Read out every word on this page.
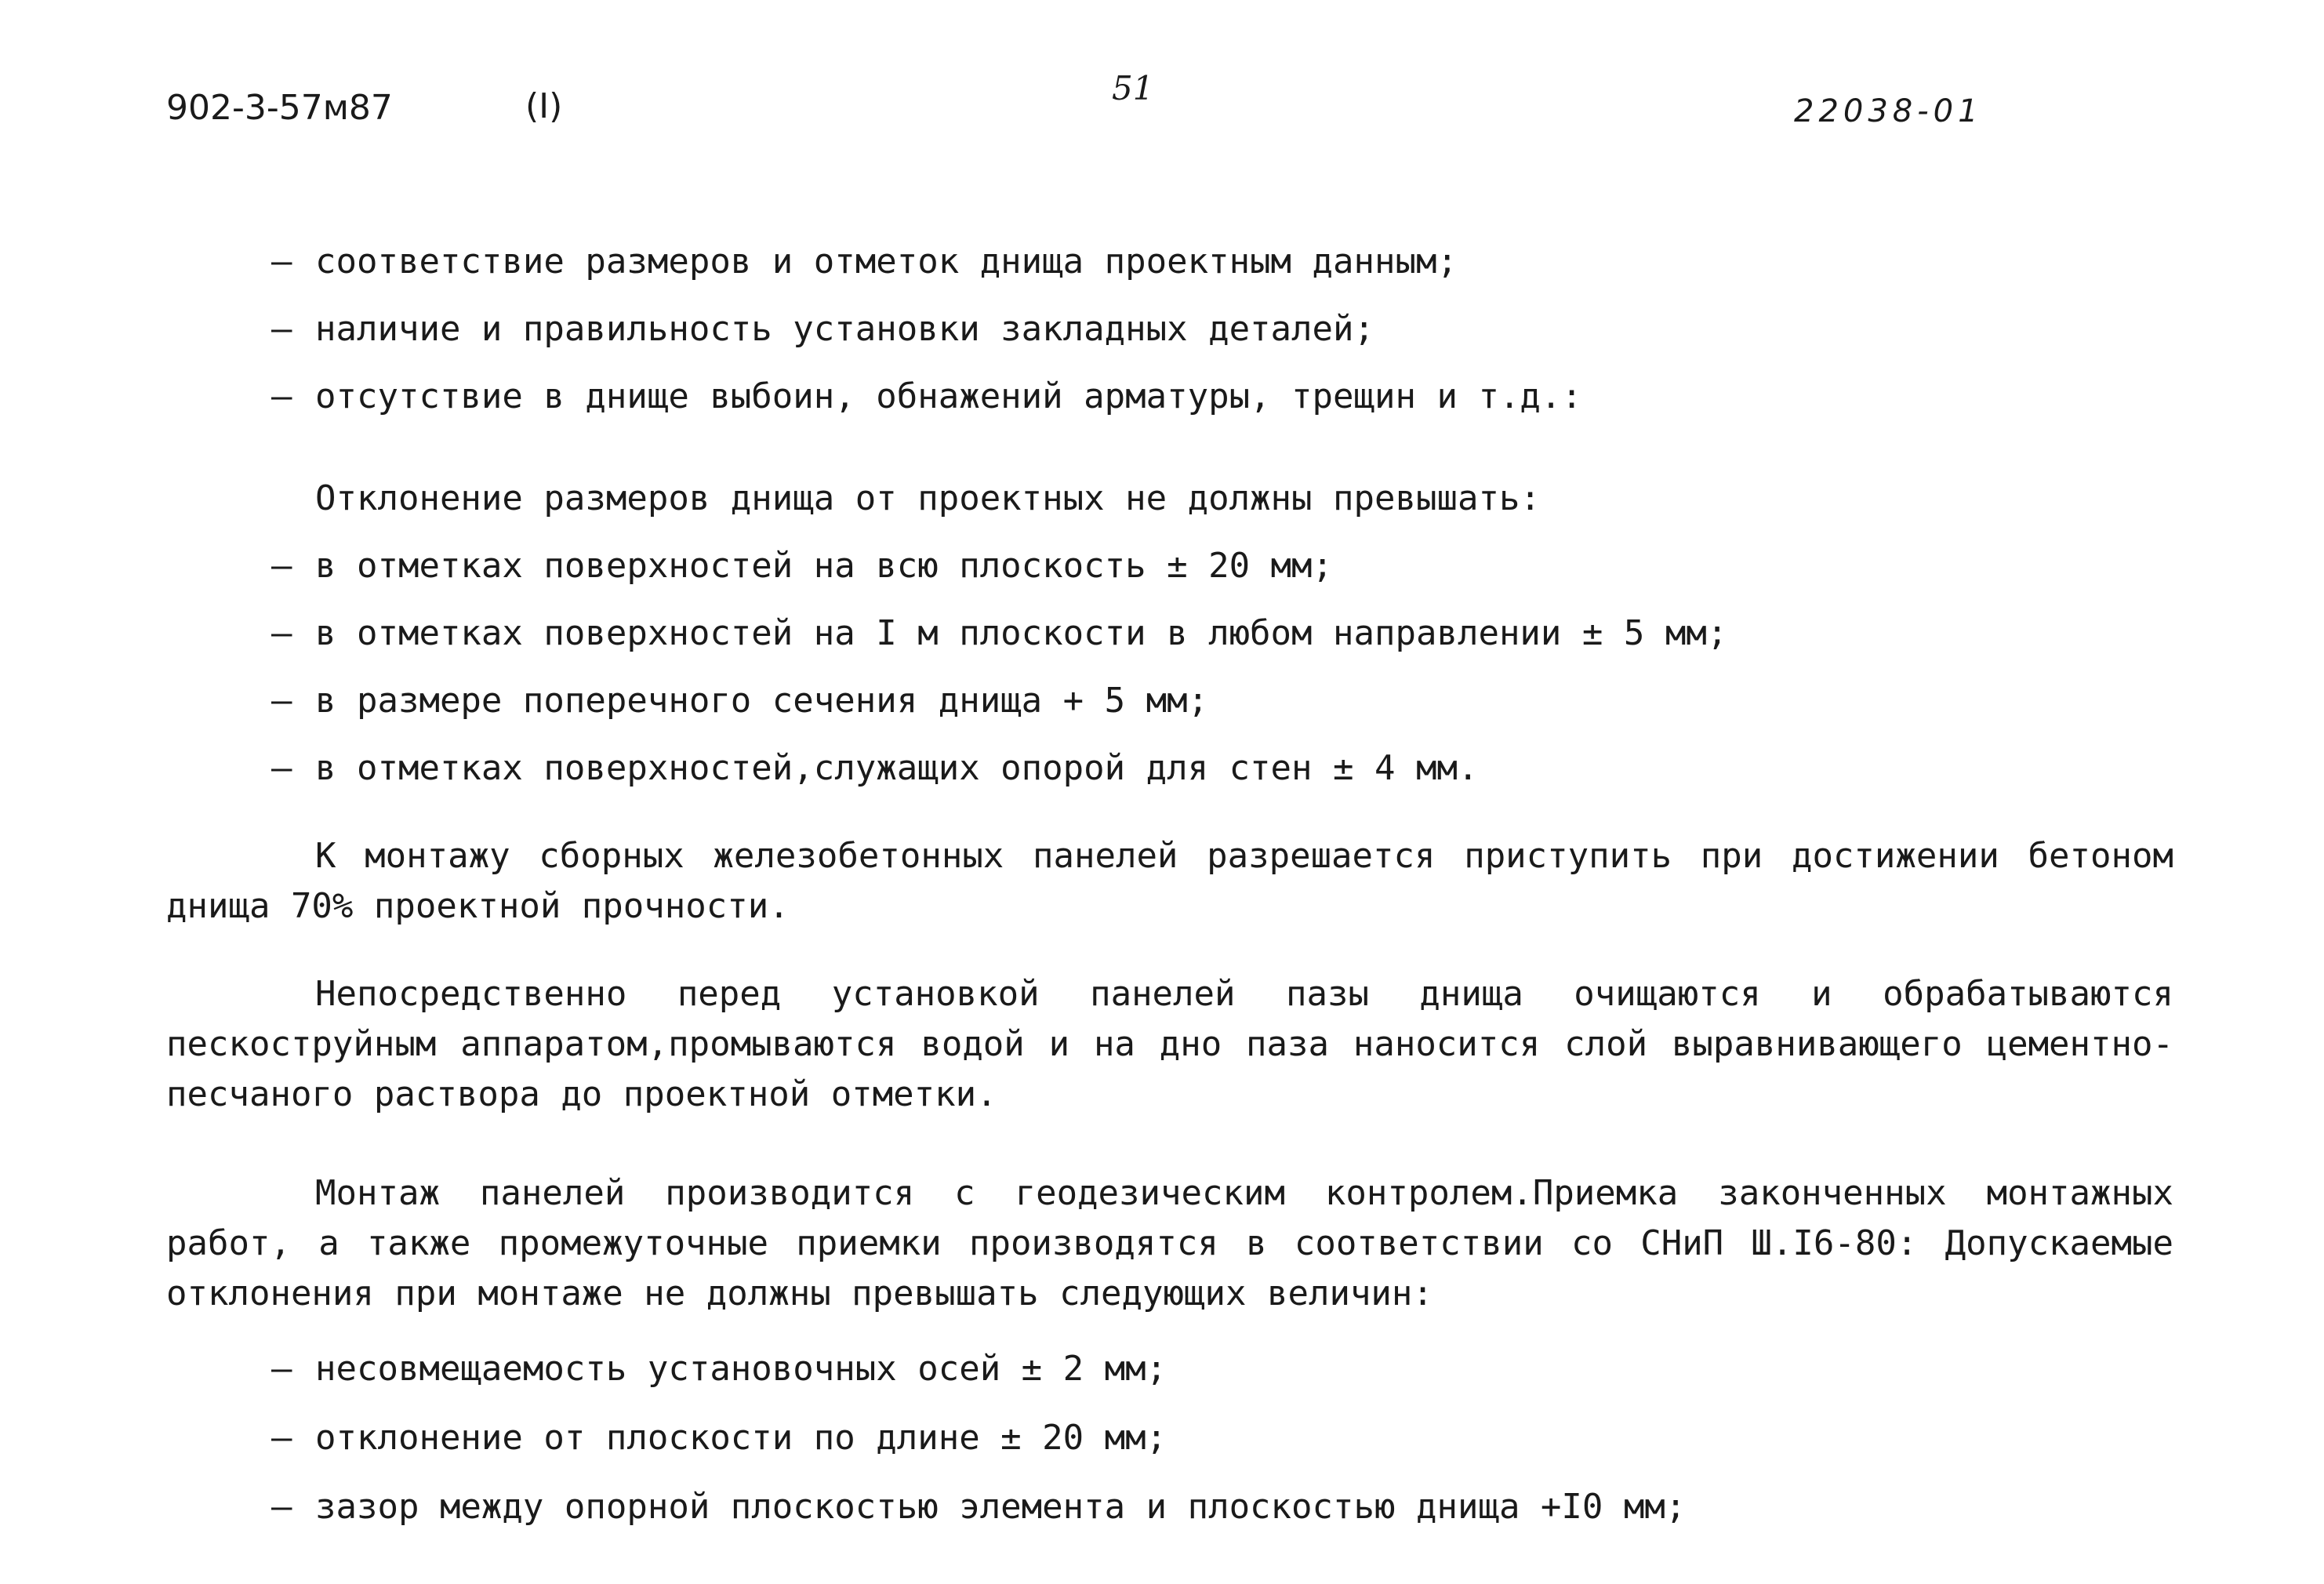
902-3-57м87	(I)	51
22038-01
– соответствие размеров и отметок днища проектным данным;
– наличие и правильность установки закладных деталей;
– отсутствие в днище выбоин, обнажений арматуры, трещин и т.д.:
Отклонение размеров днища от проектных не должны превышать:
– в отметках поверхностей на всю плоскость ± 20 мм;
– в отметках поверхностей на I м плоскости в любом направлении ± 5 мм;
– в размере поперечного сечения днища + 5 мм;
– в отметках поверхностей,служащих опорой для стен ± 4 мм.
К монтажу сборных железобетонных панелей разрешается приступить при достижении бетоном днища 70% проектной прочности.
Непосредственно перед установкой панелей пазы днища очищаются и обрабатываются пескоструйным аппаратом,промываются водой и на дно паза наносится слой выравнивающего цементно-песчаного раствора до проектной отметки.
Монтаж панелей производится с геодезическим контролем.Приемка законченных монтажных работ, а также промежуточные приемки производятся в соответствии со СНиП Ш.I6-80: Допускаемые отклонения при монтаже не должны превышать следующих величин:
– несовмещаемость установочных осей ± 2 мм;
– отклонение от плоскости по длине ± 20 мм;
– зазор между опорной плоскостью элемента и плоскостью днища +I0 мм;
